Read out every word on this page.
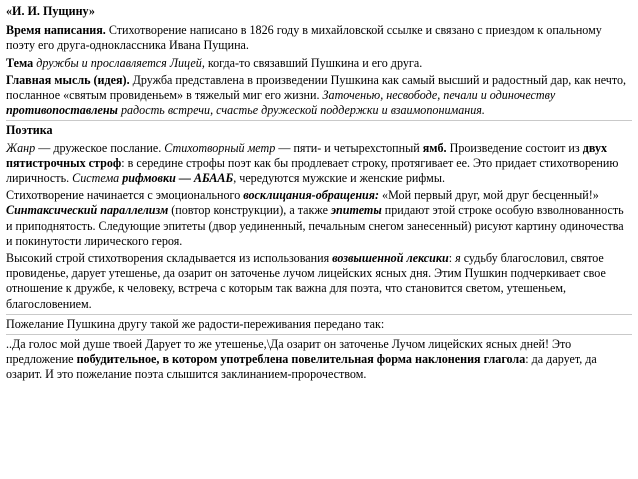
«И. И. Пущину»

Время написания. Стихотворение написано в 1826 году в михайловской ссылке и связано с приездом к опальному поэту его друга-одноклассника Ивана Пущина.

Тема дружбы и прославляется Лицей, когда-то связавший Пушкина и его друга.

Главная мысль (идея). Дружба представлена в произведении Пушкина как самый высший и радостный дар, как нечто, посланное «святым провиденьем» в тяжелый миг его жизни. Заточенью, несвободе, печали и одиночеству противопоставлены радость встречи, счастье дружеской поддержки и взаимопонимания.

Поэтика

Жанр — дружеское послание. Стихотворный метр — пяти- и четырехстопный ямб. Произведение состоит из двух пятистрочных строф: в середине строфы поэт как бы продлевает строку, протягивает ее. Это придает стихотворению лиричность. Система рифмовки — АБААБ, чередуются мужские и женские рифмы.

Стихотворение начинается с эмоционального восклицания-обращения: «Мой первый друг, мой друг бесценный!» Синтаксический параллелизм (повтор конструкции), а также эпитеты придают этой строке особую взволнованность и приподнятость. Следующие эпитеты (двор уединенный, печальным снегом занесенный) рисуют картину одиночества и покинутости лирического героя.

Высокий строй стихотворения складывается из использования возвышенной лексики: я судьбу благословил, святое провиденье, дарует утешенье, да озарит он заточенье лучом лицейских ясных дня. Этим Пушкин подчеркивает свое отношение к дружбе, к человеку, встреча с которым так важна для поэта, что становится светом, утешеньем, благословением.

Пожелание Пушкина другу такой же радости-переживания передано так:

..Да голос мой душе твоей Дарует то же утешенье,\Да озарит он заточенье Лучом лицейских ясных дней! Это предложение побудительное, в котором употреблена повелительная форма наклонения глагола: да дарует, да озарит. И это пожелание поэта слышится заклинанием-пророчеством.
